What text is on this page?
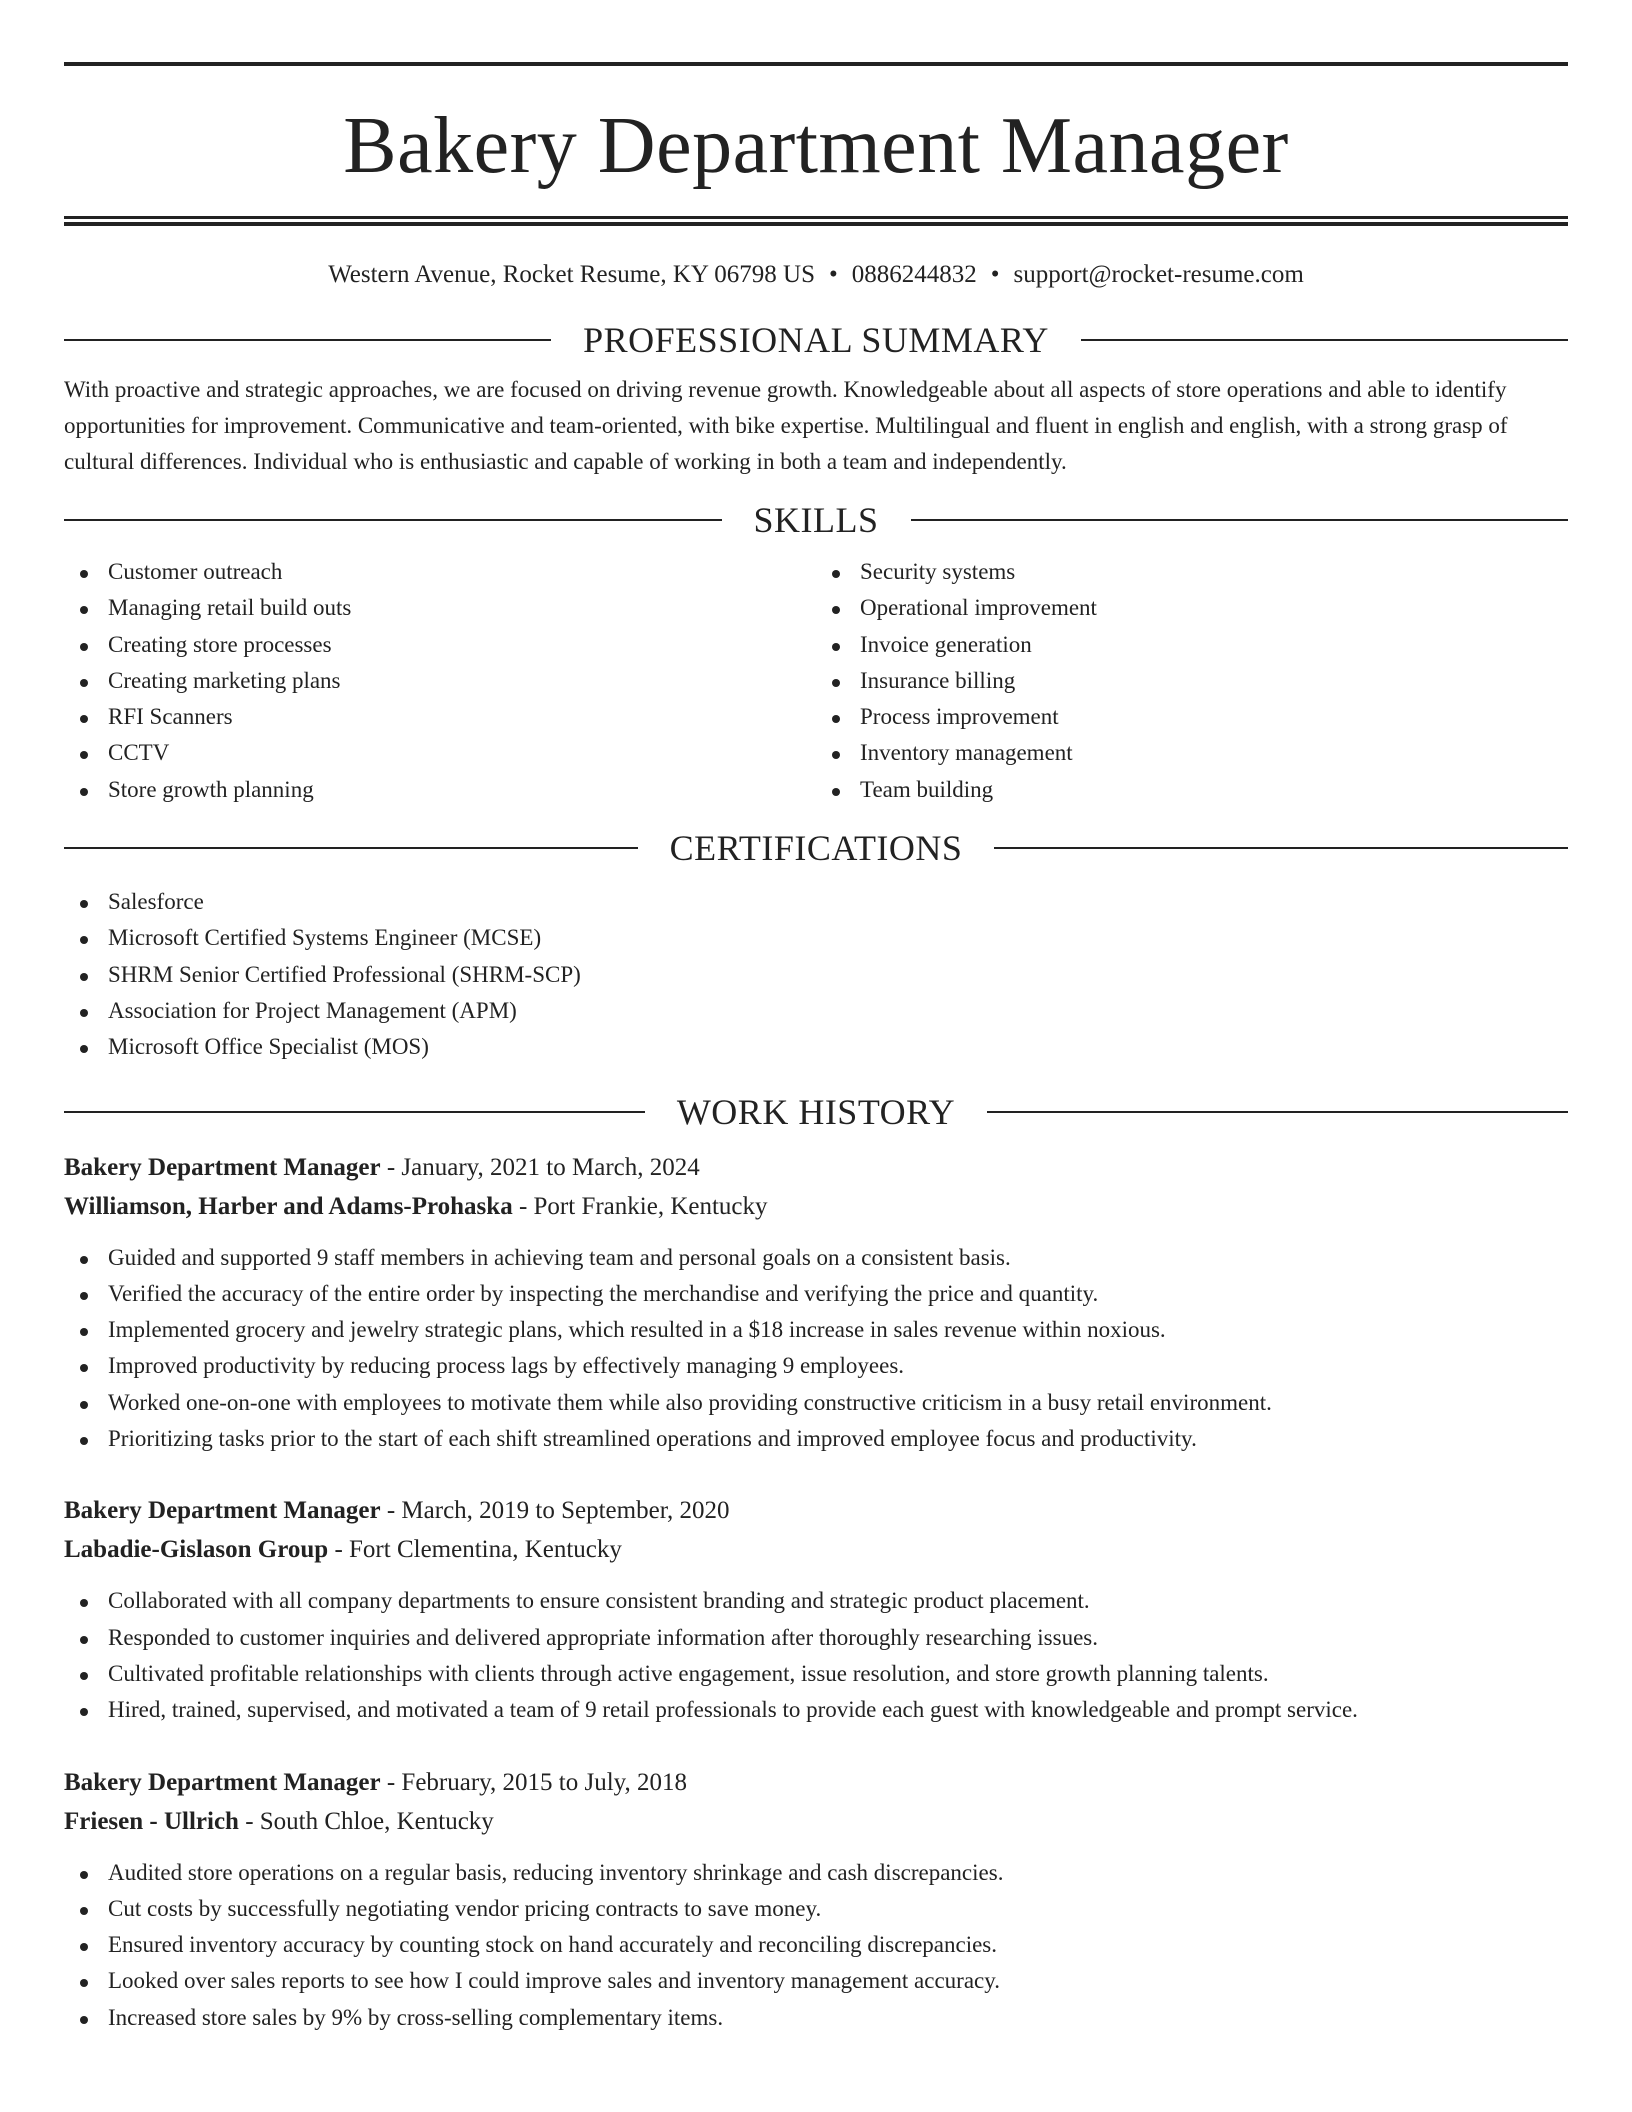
Bakery Department Manager
Western Avenue, Rocket Resume, KY 06798 US • 0886244832 • support@rocket-resume.com
PROFESSIONAL SUMMARY

With proactive and strategic approaches, we are focused on driving revenue growth. Knowledgeable about all aspects of store operations and able to identify opportunities for improvement. Communicative and team-oriented, with bike expertise. Multilingual and fluent in english and english, with a strong grasp of cultural differences. Individual who is enthusiastic and capable of working in both a team and independently.

SKILLS
Customer outreach
Managing retail build outs
Creating store processes
Creating marketing plans
RFI Scanners
CCTV
Store growth planning
Security systems
Operational improvement
Invoice generation
Insurance billing
Process improvement
Inventory management
Team building
CERTIFICATIONS
Salesforce
Microsoft Certified Systems Engineer (MCSE)
SHRM Senior Certified Professional (SHRM-SCP)
Association for Project Management (APM)
Microsoft Office Specialist (MOS)
WORK HISTORY
Bakery Department Manager - January, 2021 to March, 2024
Williamson, Harber and Adams-Prohaska - Port Frankie, Kentucky
Guided and supported 9 staff members in achieving team and personal goals on a consistent basis.
Verified the accuracy of the entire order by inspecting the merchandise and verifying the price and quantity.
Implemented grocery and jewelry strategic plans, which resulted in a $18 increase in sales revenue within noxious.
Improved productivity by reducing process lags by effectively managing 9 employees.
Worked one-on-one with employees to motivate them while also providing constructive criticism in a busy retail environment.
Prioritizing tasks prior to the start of each shift streamlined operations and improved employee focus and productivity.
Bakery Department Manager - March, 2019 to September, 2020
Labadie-Gislason Group - Fort Clementina, Kentucky
Collaborated with all company departments to ensure consistent branding and strategic product placement.
Responded to customer inquiries and delivered appropriate information after thoroughly researching issues.
Cultivated profitable relationships with clients through active engagement, issue resolution, and store growth planning talents.
Hired, trained, supervised, and motivated a team of 9 retail professionals to provide each guest with knowledgeable and prompt service.
Bakery Department Manager - February, 2015 to July, 2018
Friesen - Ullrich - South Chloe, Kentucky
Audited store operations on a regular basis, reducing inventory shrinkage and cash discrepancies.
Cut costs by successfully negotiating vendor pricing contracts to save money.
Ensured inventory accuracy by counting stock on hand accurately and reconciling discrepancies.
Looked over sales reports to see how I could improve sales and inventory management accuracy.
Increased store sales by 9% by cross-selling complementary items.
